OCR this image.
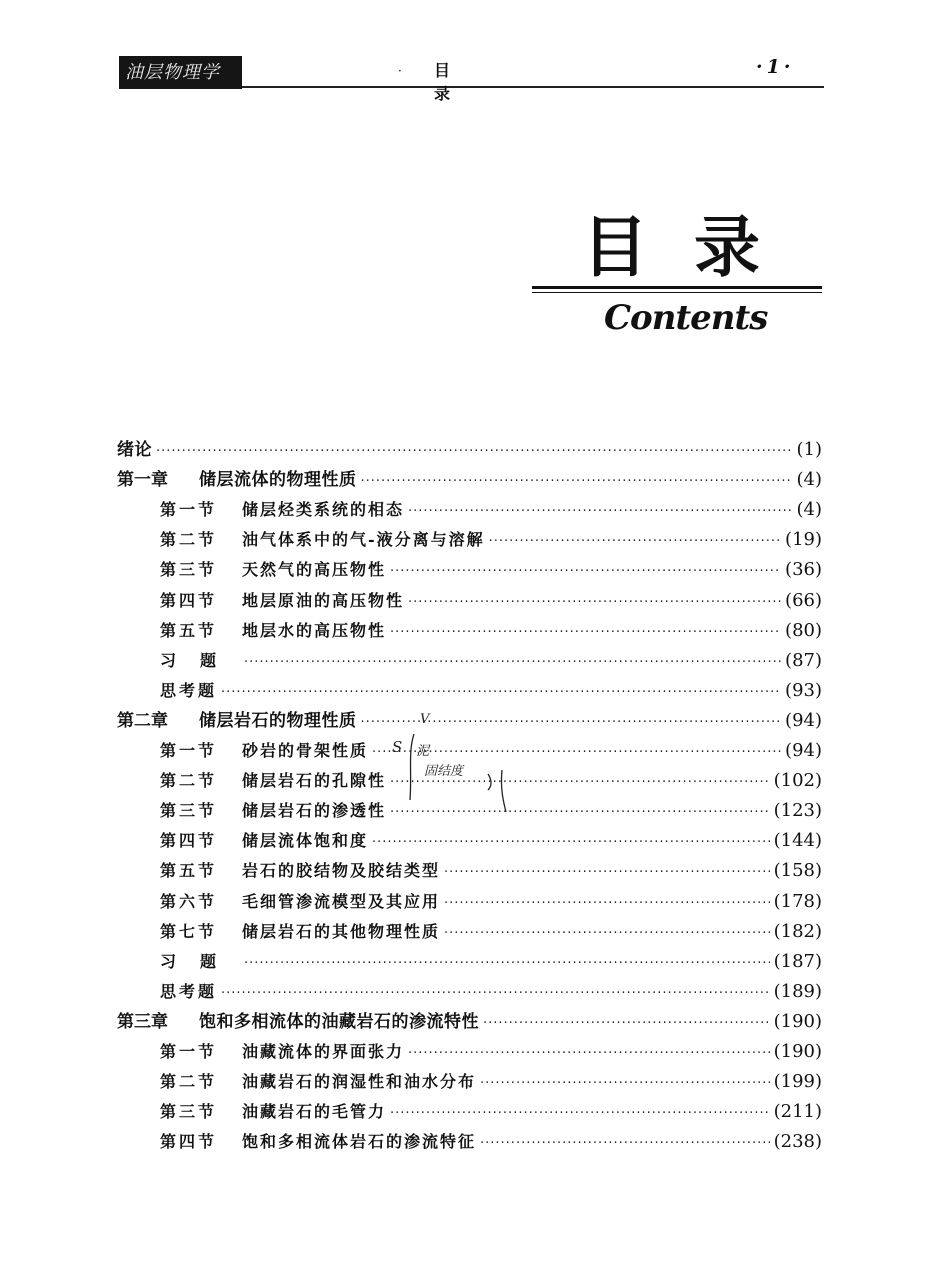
油层物理学	· 目 录
·1·
目录
Contents
绪论 ·····	(1)
第一章	储层流体的物理性质 ·····	(4)
第一节	储层烃类系统的相态 ·····	(4)
第二节	油气体系中的气-液分离与溶解 ·····	(19)
第三节	天然气的高压物性 ·····	(36)
第四节	地层原油的高压物性 ·····	(66)
第五节	地层水的高压物性 ·····	(80)
习题 ·····	(87)
思考题 ·····	(93)
第二章	储层岩石的物理性质 ·····	(94)
第一节	砂岩的骨架性质 ·····	(94)
第二节	储层岩石的孔隙性 ·····	(102)
第三节	储层岩石的渗透性 ·····	(123)
第四节	储层流体饱和度 ·····	(144)
第五节	岩石的胶结物及胶结类型 ·····	(158)
第六节	毛细管渗流模型及其应用 ·····	(178)
第七节	储层岩石的其他物理性质 ·····	(182)
习题 ·····	(187)
思考题 ·····	(189)
第三章	饱和多相流体的油藏岩石的渗流特性 ·····	(190)
第一节	油藏流体的界面张力 ·····	(190)
第二节	油藏岩石的润湿性和油水分布 ·····	(199)
第三节	油藏岩石的毛管力 ·····	(211)
第四节	饱和多相流体岩石的渗流特征 ·····	(238)
V
S 泥
固结度
